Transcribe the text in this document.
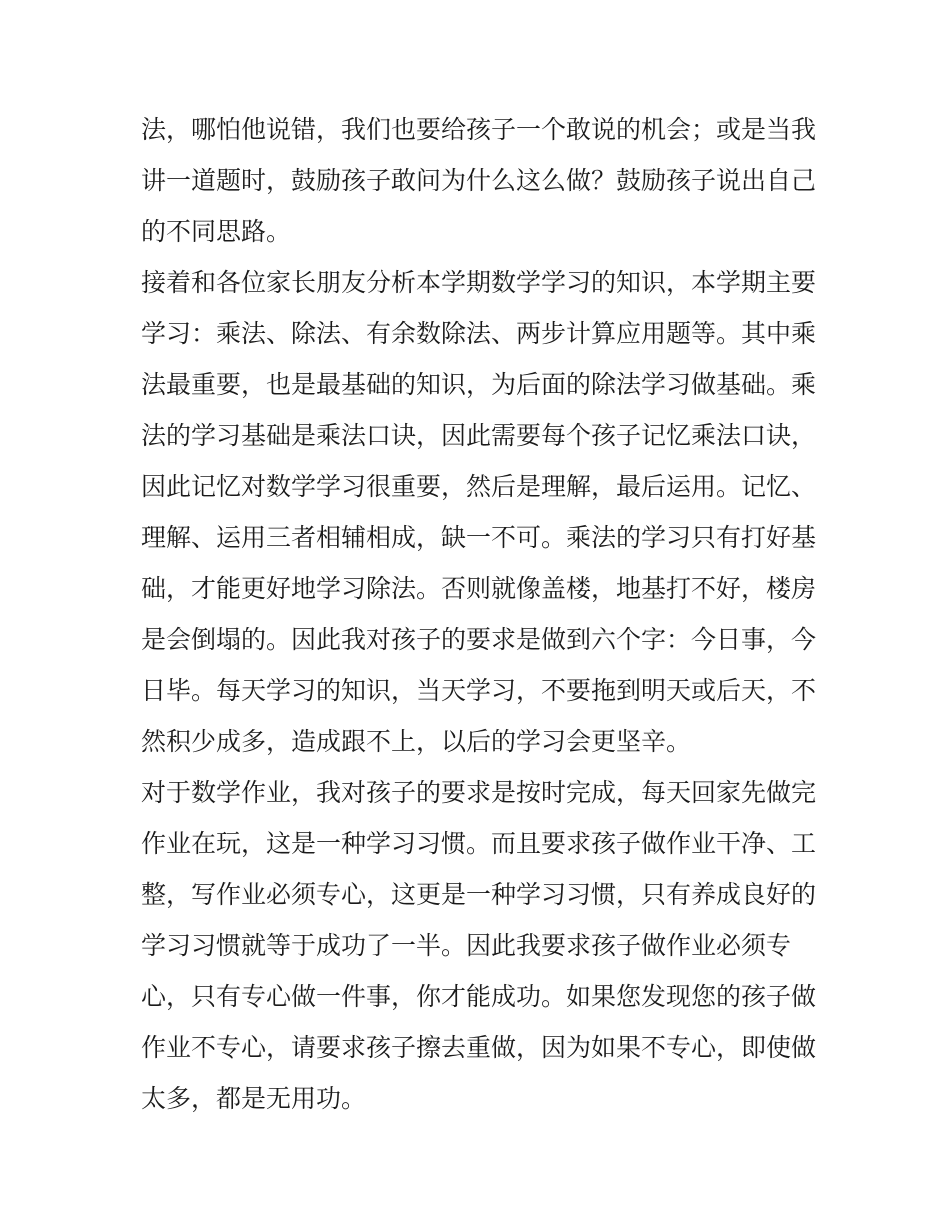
法，哪怕他说错，我们也要给孩子一个敢说的机会；或是当我
讲一道题时，鼓励孩子敢问为什么这么做？鼓励孩子说出自己
的不同思路。
接着和各位家长朋友分析本学期数学学习的知识，本学期主要
学习：乘法、除法、有余数除法、两步计算应用题等。其中乘
法最重要，也是最基础的知识，为后面的除法学习做基础。乘
法的学习基础是乘法口诀，因此需要每个孩子记忆乘法口诀，
因此记忆对数学学习很重要，然后是理解，最后运用。记忆、
理解、运用三者相辅相成，缺一不可。乘法的学习只有打好基
础，才能更好地学习除法。否则就像盖楼，地基打不好，楼房
是会倒塌的。因此我对孩子的要求是做到六个字：今日事，今
日毕。每天学习的知识，当天学习，不要拖到明天或后天，不
然积少成多，造成跟不上，以后的学习会更坚辛。
对于数学作业，我对孩子的要求是按时完成，每天回家先做完
作业在玩，这是一种学习习惯。而且要求孩子做作业干净、工
整，写作业必须专心，这更是一种学习习惯，只有养成良好的
学习习惯就等于成功了一半。因此我要求孩子做作业必须专
心，只有专心做一件事，你才能成功。如果您发现您的孩子做
作业不专心，请要求孩子擦去重做，因为如果不专心，即使做
太多，都是无用功。
